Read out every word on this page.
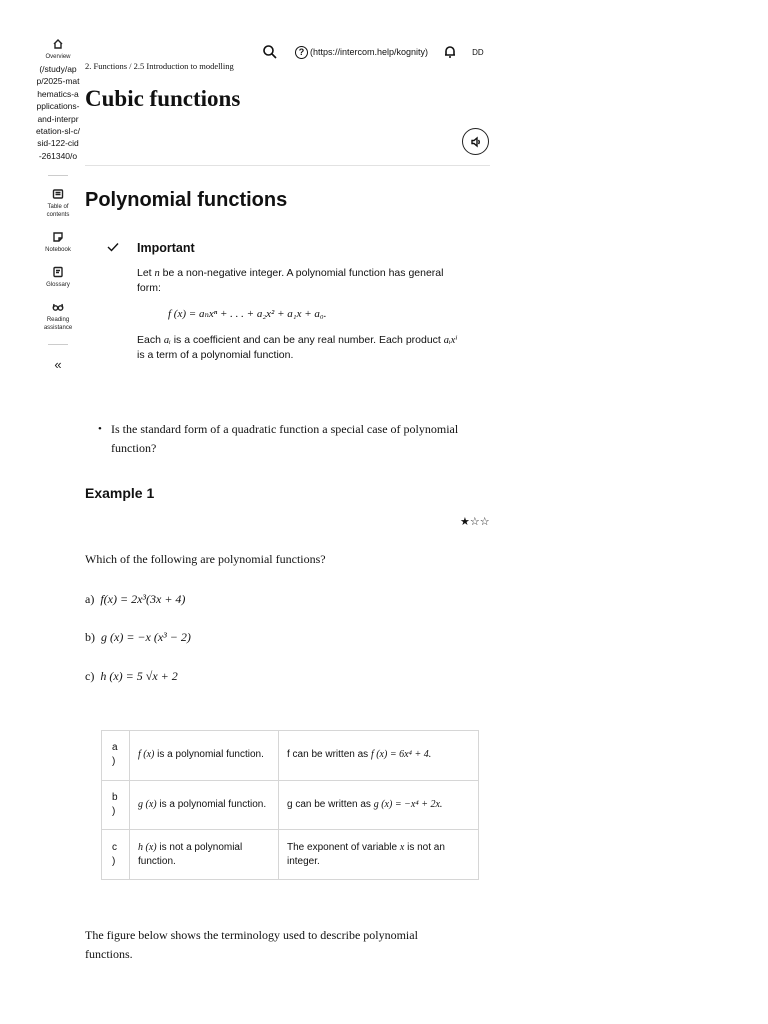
Overview
(/study/app/2025-mathematics-applications-and-interpretation-sl-c/sid-122-cid-261340/o
Table of contents
Notebook
Glossary
Reading assistance
«
? (https://intercom.help/kognity)	DD
2. Functions / 2.5 Introduction to modelling
Cubic functions
Polynomial functions
Important

Let n be a non-negative integer. A polynomial function has general form:

f (x) = aₙxⁿ + . . . + a₂x² + a₁x + a₀.

Each aᵢ is a coefficient and can be any real number. Each product aᵢxⁱ is a term of a polynomial function.

• Is the standard form of a quadratic function a special case of polynomial function?

Example 1
★☆☆

Which of the following are polynomial functions?

a) f(x) = 2x³(3x + 4)

b) g (x) = −x (x³ − 2)

c) h (x) = 5 √x + 2

a
)	f (x) is a polynomial function.	f can be written as f (x) = 6x⁴ + 4.
b
)	g (x) is a polynomial function.	g can be written as g (x) = −x⁴ + 2x.
c
)	h (x) is not a polynomial function.	The exponent of variable x is not an integer.

The figure below shows the terminology used to describe polynomial functions.
